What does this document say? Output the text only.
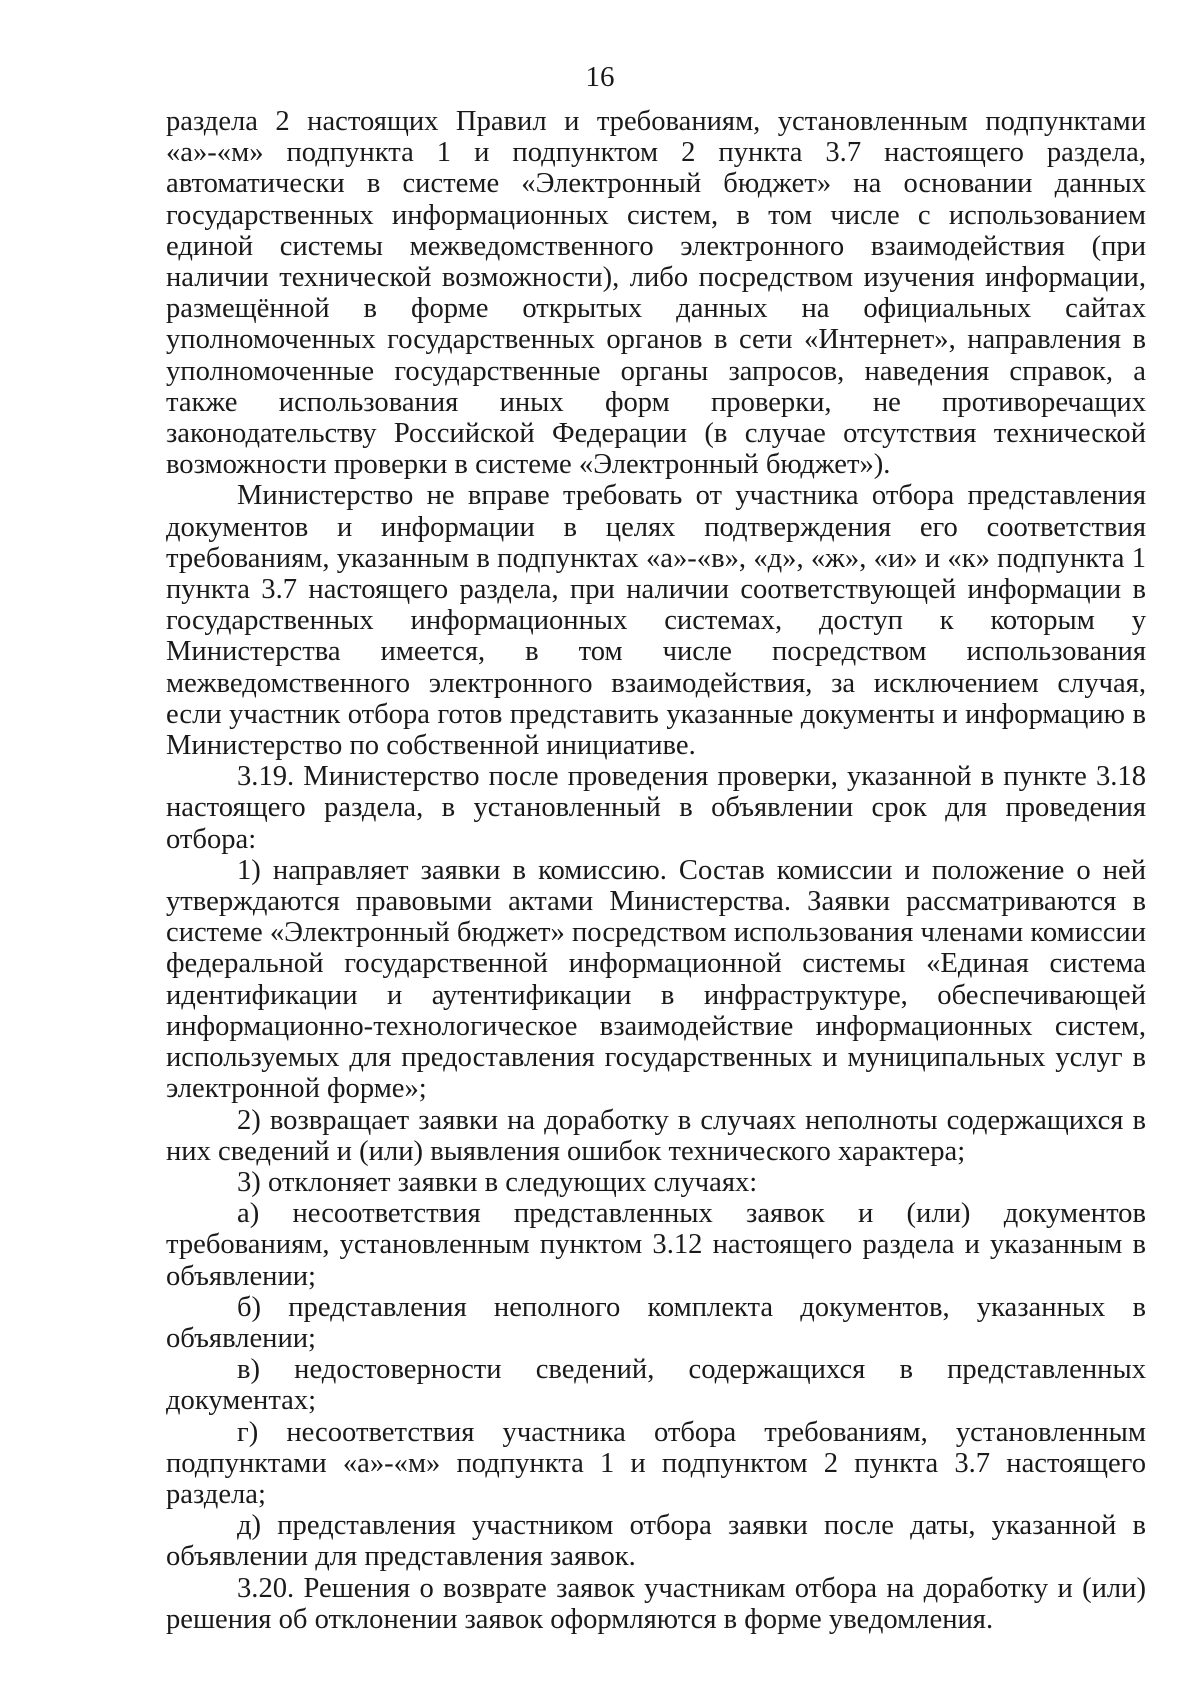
16

раздела 2 настоящих Правил и требованиям, установленным подпунктами «а»-«м» подпункта 1 и подпунктом 2 пункта 3.7 настоящего раздела, автоматически в системе «Электронный бюджет» на основании данных государственных информационных систем, в том числе с использованием единой системы межведомственного электронного взаимодействия (при наличии технической возможности), либо посредством изучения информации, размещённой в форме открытых данных на официальных сайтах уполномоченных государственных органов в сети «Интернет», направления в уполномоченные государственные органы запросов, наведения справок, а также использования иных форм проверки, не противоречащих законодательству Российской Федерации (в случае отсутствия технической возможности проверки в системе «Электронный бюджет»).

Министерство не вправе требовать от участника отбора представления документов и информации в целях подтверждения его соответствия требованиям, указанным в подпунктах «а»-«в», «д», «ж», «и» и «к» подпункта 1 пункта 3.7 настоящего раздела, при наличии соответствующей информации в государственных информационных системах, доступ к которым у Министерства имеется, в том числе посредством использования межведомственного электронного взаимодействия, за исключением случая, если участник отбора готов представить указанные документы и информацию в Министерство по собственной инициативе.

3.19. Министерство после проведения проверки, указанной в пункте 3.18 настоящего раздела, в установленный в объявлении срок для проведения отбора:

1) направляет заявки в комиссию. Состав комиссии и положение о ней утверждаются правовыми актами Министерства. Заявки рассматриваются в системе «Электронный бюджет» посредством использования членами комиссии федеральной государственной информационной системы «Единая система идентификации и аутентификации в инфраструктуре, обеспечивающей информационно-технологическое взаимодействие информационных систем, используемых для предоставления государственных и муниципальных услуг в электронной форме»;

2) возвращает заявки на доработку в случаях неполноты содержащихся в них сведений и (или) выявления ошибок технического характера;

3) отклоняет заявки в следующих случаях:

а) несоответствия представленных заявок и (или) документов требованиям, установленным пунктом 3.12 настоящего раздела и указанным в объявлении;

б) представления неполного комплекта документов, указанных в объявлении;

в) недостоверности сведений, содержащихся в представленных документах;

г) несоответствия участника отбора требованиям, установленным подпунктами «а»-«м» подпункта 1 и подпунктом 2 пункта 3.7 настоящего раздела;

д) представления участником отбора заявки после даты, указанной в объявлении для представления заявок.

3.20. Решения о возврате заявок участникам отбора на доработку и (или) решения об отклонении заявок оформляются в форме уведомления.
